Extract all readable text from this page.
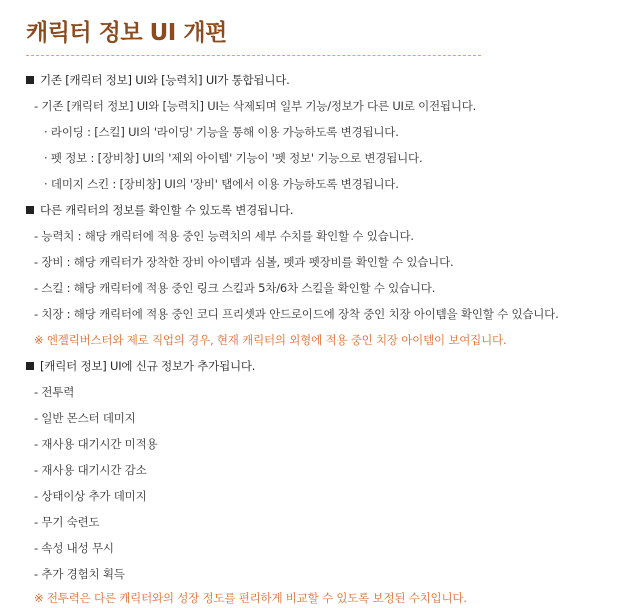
캐릭터 정보 UI 개편
기존 [캐릭터 정보] UI와 [능력치] UI가 통합됩니다.
- 기존 [캐릭터 정보] UI와 [능력치] UI는 삭제되며 일부 기능/정보가 다른 UI로 이전됩니다.
· 라이딩 : [스킬] UI의 '라이딩' 기능을 통해 이용 가능하도록 변경됩니다.
· 펫 정보 : [장비창] UI의 '제외 아이템' 기능이 '펫 정보' 기능으로 변경됩니다.
· 데미지 스킨 : [장비창] UI의 '장비' 탭에서 이용 가능하도록 변경됩니다.
다른 캐릭터의 정보를 확인할 수 있도록 변경됩니다.
- 능력치 : 해당 캐릭터에 적용 중인 능력치의 세부 수치를 확인할 수 있습니다.
- 장비 : 해당 캐릭터가 장착한 장비 아이템과 심볼, 펫과 펫장비를 확인할 수 있습니다.
- 스킬 : 해당 캐릭터에 적용 중인 링크 스킬과 5차/6차 스킬을 확인할 수 있습니다.
- 치장 : 해당 캐릭터에 적용 중인 코디 프리셋과 안드로이드에 장착 중인 치장 아이템을 확인할 수 있습니다.
※ 엔젤릭버스터와 제로 직업의 경우, 현재 캐릭터의 외형에 적용 중인 치장 아이템이 보여집니다.
[캐릭터 정보] UI에 신규 정보가 추가됩니다.
- 전투력
- 일반 몬스터 데미지
- 재사용 대기시간 미적용
- 재사용 대기시간 감소
- 상태이상 추가 데미지
- 무기 숙련도
- 속성 내성 무시
- 추가 경험치 획득
※ 전투력은 다른 캐릭터와의 성장 정도를 편리하게 비교할 수 있도록 보정된 수치입니다.
